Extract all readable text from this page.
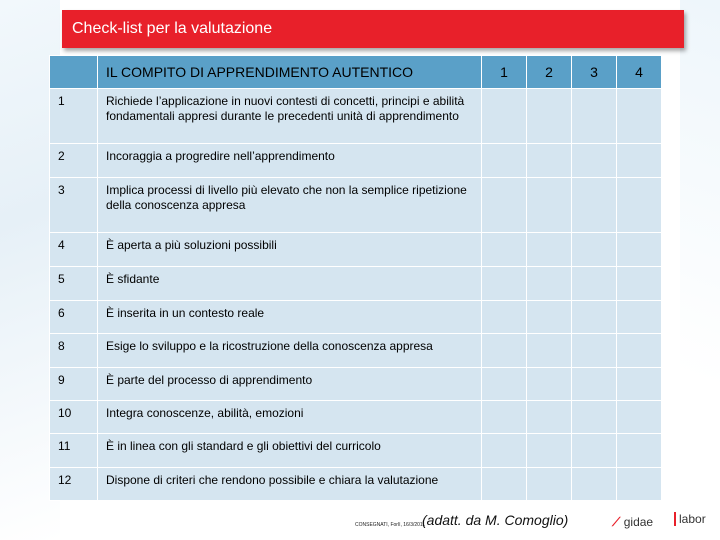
Check-list per la valutazione
	IL COMPITO DI APPRENDIMENTO AUTENTICO	1	2	3	4
1	Richiede l’applicazione in nuovi contesti di concetti, principi e abilità fondamentali appresi durante le precedenti unità di apprendimento				
2	Incoraggia a progredire nell’apprendimento				
3	Implica processi di livello più elevato che non la semplice ripetizione della conoscenza appresa				
4	È aperta a più soluzioni possibili				
5	È sfidante				
6	È inserita in un contesto reale				
8	Esige lo sviluppo e la ricostruzione della conoscenza appresa				
9	È parte del processo di apprendimento				
10	Integra conoscenze, abilità, emozioni				
11	È in linea con gli standard e gli obiettivi del curricolo				
12	Dispone di criteri che rendono possibile e chiara la valutazione				
CONSEGNATI, Forlì, 16/3/2011
(adatt. da M. Comoglio)	⟋ gidae	labor
